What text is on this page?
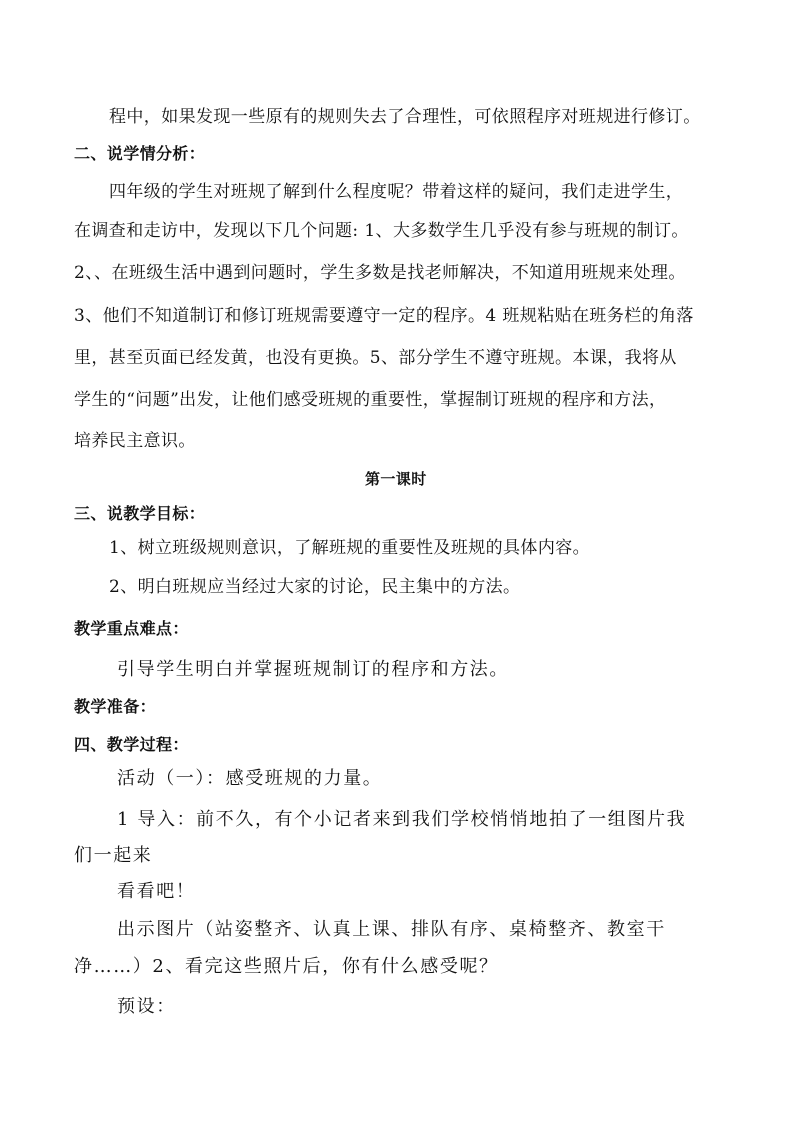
程中，如果发现一些原有的规则失去了合理性，可依照程序对班规进行修订。
二、说学情分析：
四年级的学生对班规了解到什么程度呢？带着这样的疑问，我们走进学生，
在调查和走访中，发现以下几个问题: 1、大多数学生几乎没有参与班规的制订。
2、、在班级生活中遇到问题时，学生多数是找老师解决，不知道用班规来处理。
3、他们不知道制订和修订班规需要遵守一定的程序。4 班规粘贴在班务栏的角落
里，甚至页面已经发黄，也没有更换。5、部分学生不遵守班规。本课，我将从
学生的“问题”出发，让他们感受班规的重要性，掌握制订班规的程序和方法，
培养民主意识。
第一课时
三、说教学目标：
1、树立班级规则意识，了解班规的重要性及班规的具体内容。
2、明白班规应当经过大家的讨论，民主集中的方法。
教学重点难点：
引导学生明白并掌握班规制订的程序和方法。
教学准备：
四、教学过程：
活动（一）：感受班规的力量。
1 导入：前不久，有个小记者来到我们学校悄悄地拍了一组图片我
们一起来
看看吧！
出示图片（站姿整齐、认真上课、排队有序、桌椅整齐、教室干
净……）2、看完这些照片后，你有什么感受呢？
预设：
